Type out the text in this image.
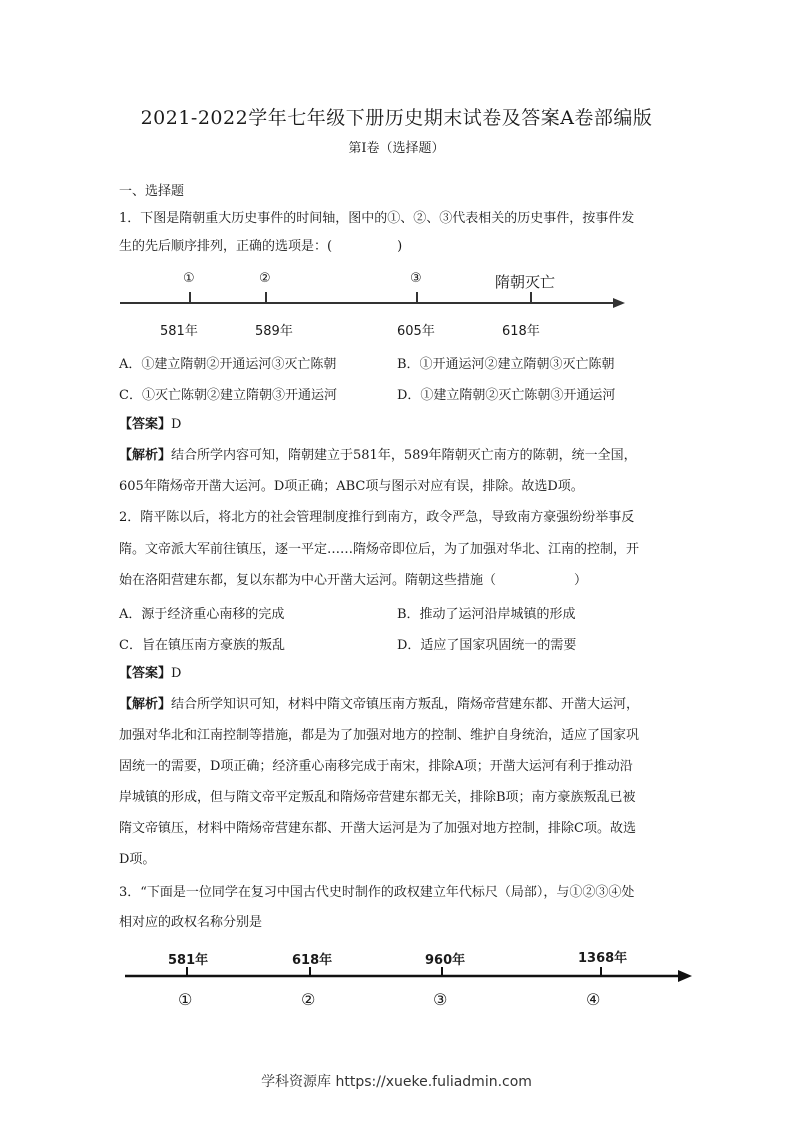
2021-2022学年七年级下册历史期末试卷及答案A卷部编版
第Ⅰ卷（选择题）
一、选择题
1．下图是隋朝重大历史事件的时间轴，图中的①、②、③代表相关的历史事件，按事件发
生的先后顺序排列，正确的选项是：(　　　　　)
①	②	③	隋朝灭亡
581年	589年	605年	618年
A．①建立隋朝②开通运河③灭亡陈朝	B．①开通运河②建立隋朝③灭亡陈朝
C．①灭亡陈朝②建立隋朝③开通运河	D．①建立隋朝②灭亡陈朝③开通运河
【答案】D
【解析】结合所学内容可知，隋朝建立于581年，589年隋朝灭亡南方的陈朝，统一全国，
605年隋炀帝开凿大运河。D项正确；ABC项与图示对应有误，排除。故选D项。
2．隋平陈以后，将北方的社会管理制度推行到南方，政令严急，导致南方豪强纷纷举事反
隋。文帝派大军前往镇压，逐一平定……隋炀帝即位后，为了加强对华北、江南的控制，开
始在洛阳营建东都，复以东都为中心开凿大运河。隋朝这些措施（　　　　　　）
A．源于经济重心南移的完成	B．推动了运河沿岸城镇的形成
C．旨在镇压南方豪族的叛乱	D．适应了国家巩固统一的需要
【答案】D
【解析】结合所学知识可知，材料中隋文帝镇压南方叛乱，隋炀帝营建东都、开凿大运河，
加强对华北和江南控制等措施，都是为了加强对地方的控制、维护自身统治，适应了国家巩
固统一的需要，D项正确；经济重心南移完成于南宋，排除A项；开凿大运河有利于推动沿
岸城镇的形成，但与隋文帝平定叛乱和隋炀帝营建东都无关，排除B项；南方豪族叛乱已被
隋文帝镇压，材料中隋炀帝营建东都、开凿大运河是为了加强对地方控制，排除C项。故选
D项。
3．“下面是一位同学在复习中国古代史时制作的政权建立年代标尺（局部），与①②③④处
相对应的政权名称分别是
581年	618年	960年	1368年
①	②	③	④
学科资源库 https://xueke.fuliadmin.com
